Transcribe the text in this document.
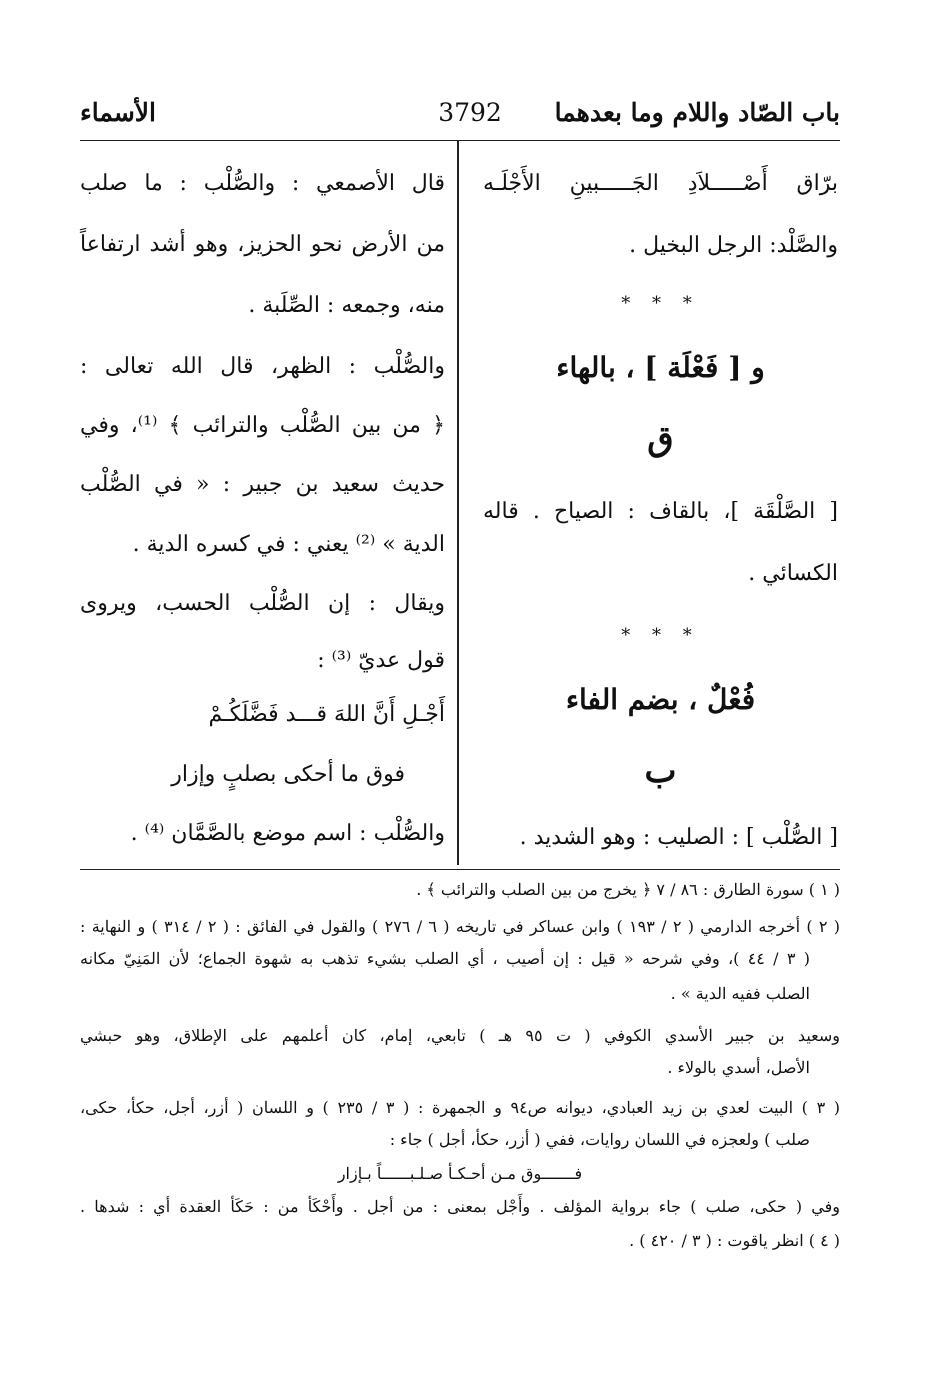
باب الصّاد واللام وما بعدهما
3792
الأسماء
برّاق أَصْـــــلاَدِ الجَـــــبينِ الأَجْلَـه
والصَّلْد: الرجل البخيل .
* * *
و [ فَعْلَة ] ، بالهاء
ق
[ الصَّلْقَة ]، بالقاف : الصياح . قاله
الكسائي .
* * *
فُعْلٌ ، بضم الفاء
ب
[ الصُّلْب ] : الصليب : وهو الشديد .
قال الأصمعي : والصُّلْب : ما صلب
من الأرض نحو الحزيز، وهو أشد ارتفاعاً
منه، وجمعه : الصِّلَبة .
والصُّلْب : الظهر، قال الله تعالى :
﴿ من بين الصُّلْب والترائب ﴾ ⁽¹⁾، وفي
حديث سعيد بن جبير : « في الصُّلْب
الدية » ⁽²⁾ يعني : في كسره الدية .
ويقال : إن الصُّلْب الحسب، ويروى
قول عديّ ⁽³⁾ :
أَجْـلِ أَنَّ اللهَ قـــد فَضَّلَكُـمْ
فوق ما أحكى بصلبٍ وإزار
والصُّلْب : اسم موضع بالصَّمَّان ⁽⁴⁾ .
( ١ ) سورة الطارق : ٨٦ / ٧ ﴿ يخرج من بين الصلب والترائب ﴾ .
( ٢ ) أخرجه الدارمي ( ٢ / ١٩٣ ) وابن عساكر في تاريخه ( ٦ / ٢٧٦ ) والقول في الفائق : ( ٢ / ٣١٤ ) و النهاية :
( ٣ / ٤٤ )، وفي شرحه « قيل : إن أصيب ، أي الصلب بشيء تذهب به شهوة الجماع؛ لأن المَنِيّ مكانه
الصلب ففيه الدية » .
وسعيد بن جبير الأسدي الكوفي ( ت ٩٥ هـ ) تابعي، إمام، كان أعلمهم على الإطلاق، وهو حبشي
الأصل، أسدي بالولاء .
( ٣ ) البيت لعدي بن زيد العبادي، ديوانه ص٩٤ و الجمهرة : ( ٣ / ٢٣٥ ) و اللسان ( أزر، أجل، حكأ، حكى،
صلب ) ولعجزه في اللسان روايات، ففي ( أزر، حكأ، أجل ) جاء :
فـــــــوق مـن أحـكـأ صـلـبــــــاً بـإزار
وفي ( حكى، صلب ) جاء برواية المؤلف . وأَجْل بمعنى : من أجل . وأَحْكَأ من : حَكَأ العقدة أي : شدها .
( ٤ ) انظر ياقوت : ( ٣ / ٤٢٠ ) .
